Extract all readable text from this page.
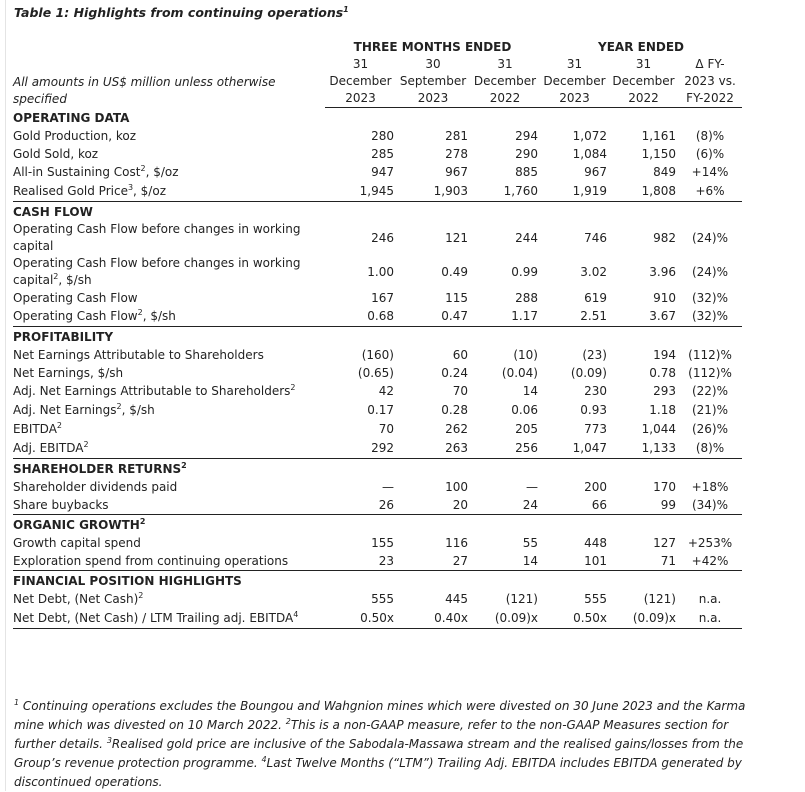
Table 1: Highlights from continuing operations$^1$
	THREE MONTHS ENDED			YEAR ENDED		
All amounts in US$ million unless otherwise specified	31	30	31	31	31	Δ FY-
	December	September	December	December	December	2023 vs.
	2023	2023	2022	2023	2022	FY-2022
OPERATING DATA						
Gold Production, koz	280	281	294	1,072	1,161	(8)%
Gold Sold, koz	285	278	290	1,084	1,150	(6)%
All-in Sustaining Cost$^2$, $/oz	947	967	885	967	849	+14%
Realised Gold Price$^3$, $/oz	1,945	1,903	1,760	1,919	1,808	+6%
CASH FLOW						
Operating Cash Flow before changes in working capital	246	121	244	746	982	(24)%
Operating Cash Flow before changes in working capital$^2$, $/sh	1.00	0.49	0.99	3.02	3.96	(24)%
Operating Cash Flow	167	115	288	619	910	(32)%
Operating Cash Flow$^2$, $/sh	0.68	0.47	1.17	2.51	3.67	(32)%
PROFITABILITY						
Net Earnings Attributable to Shareholders	(160)	60	(10)	(23)	194	(112)%
Net Earnings, $/sh	(0.65)	0.24	(0.04)	(0.09)	0.78	(112)%
Adj. Net Earnings Attributable to Shareholders$^2$	42	70	14	230	293	(22)%
Adj. Net Earnings$^2$, $/sh	0.17	0.28	0.06	0.93	1.18	(21)%
EBITDA$^2$	70	262	205	773	1,044	(26)%
Adj. EBITDA$^2$	292	263	256	1,047	1,133	(8)%
SHAREHOLDER RETURNS$^2$
Shareholder dividends paid	—	100	—	200	170	+18%
Share buybacks	26	20	24	66	99	(34)%
ORGANIC GROWTH$^2$
Growth capital spend	155	116	55	448	127	+253%
Exploration spend from continuing operations	23	27	14	101	71	+42%
FINANCIAL POSITION HIGHLIGHTS						
Net Debt, (Net Cash)$^2$	555	445	(121)	555	(121)	n.a.
Net Debt, (Net Cash) / LTM Trailing adj. EBITDA$^4$	0.50x	0.40x	(0.09)x	0.50x	(0.09)x	n.a.
$^1$ Continuing operations excludes the Boungou and Wahgnion mines which were divested on 30 June 2023 and the Karma mine which was divested on 10 March 2022. $^2$This is a non-GAAP measure, refer to the non-GAAP Measures section for further details. $^3$Realised gold price are inclusive of the Sabodala-Massawa stream and the realised gains/losses from the Group’s revenue protection programme. $^4$Last Twelve Months (“LTM”) Trailing Adj. EBITDA includes EBITDA generated by discontinued operations.
